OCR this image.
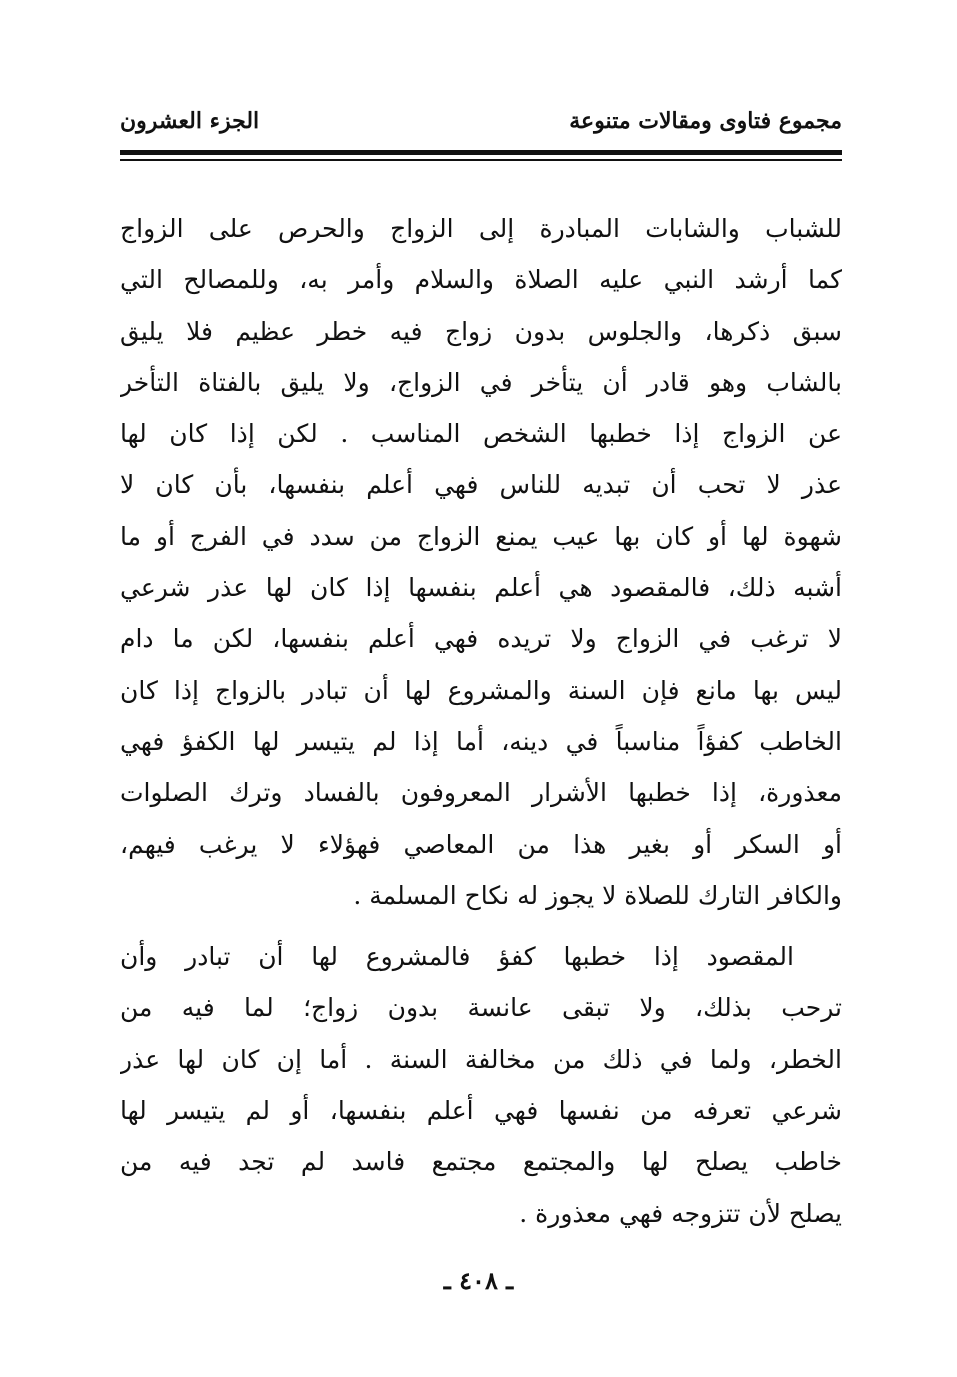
مجموع فتاوى ومقالات متنوعة
الجزء العشرون
للشباب والشابات المبادرة إلى الزواج والحرص على الزواج
كما أرشد النبي عليه الصلاة والسلام وأمر به، وللمصالح التي
سبق ذكرها، والجلوس بدون زواج فيه خطر عظيم فلا يليق
بالشاب وهو قادر أن يتأخر في الزواج، ولا يليق بالفتاة التأخر
عن الزواج إذا خطبها الشخص المناسب . لكن إذا كان لها
عذر لا تحب أن تبديه للناس فهي أعلم بنفسها، بأن كان لا
شهوة لها أو كان بها عيب يمنع الزواج من سدد في الفرج أو ما
أشبه ذلك، فالمقصود هي أعلم بنفسها إذا كان لها عذر شرعي
لا ترغب في الزواج ولا تريده فهي أعلم بنفسها، لكن ما دام
ليس بها مانع فإن السنة والمشروع لها أن تبادر بالزواج إذا كان
الخاطب كفؤاً مناسباً في دينه، أما إذا لم يتيسر لها الكفؤ فهي
معذورة، إذا خطبها الأشرار المعروفون بالفساد وترك الصلوات
أو السكر أو بغير هذا من المعاصي فهؤلاء لا يرغب فيهم،
والكافر التارك للصلاة لا يجوز له نكاح المسلمة .
المقصود إذا خطبها كفؤ فالمشروع لها أن تبادر وأن
ترحب بذلك، ولا تبقى عانسة بدون زواج؛ لما فيه من
الخطر، ولما في ذلك من مخالفة السنة . أما إن كان لها عذر
شرعي تعرفه من نفسها فهي أعلم بنفسها، أو لم يتيسر لها
خاطب يصلح لها والمجتمع مجتمع فاسد لم تجد فيه من
يصلح لأن تتزوجه فهي معذورة .
ـ ٤٠٨ ـ
